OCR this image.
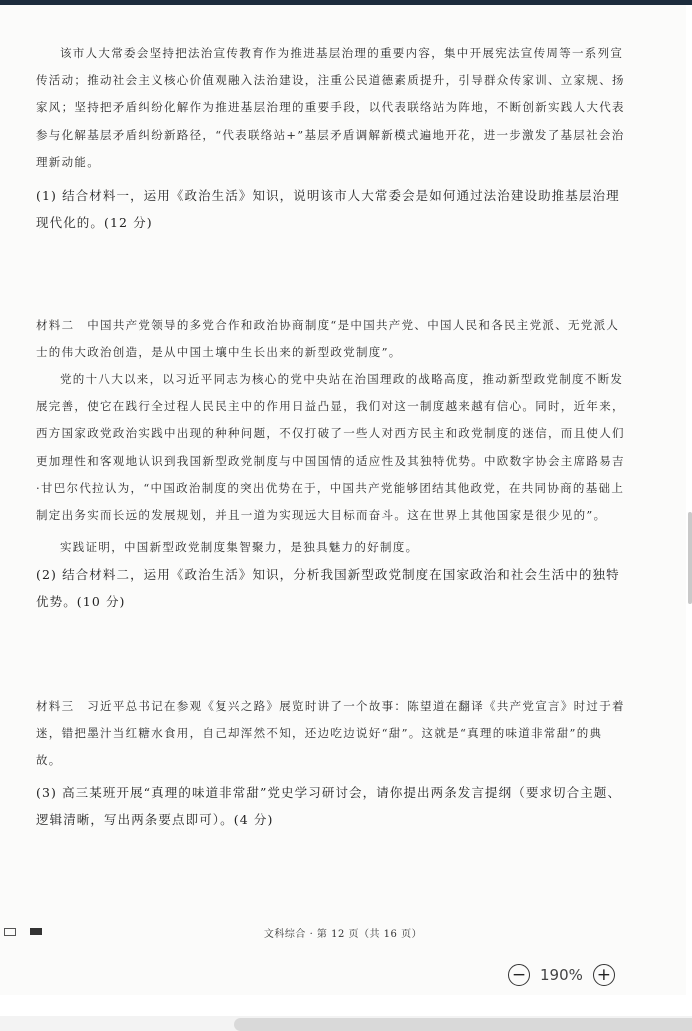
该市人大常委会坚持把法治宣传教育作为推进基层治理的重要内容，集中开展宪法宣传周等一系列宣传活动；推动社会主义核心价值观融入法治建设，注重公民道德素质提升，引导群众传家训、立家规、扬家风；坚持把矛盾纠纷化解作为推进基层治理的重要手段，以代表联络站为阵地，不断创新实践人大代表参与化解基层矛盾纠纷新路径，“代表联络站+”基层矛盾调解新模式遍地开花，进一步激发了基层社会治理新动能。

(1) 结合材料一，运用《政治生活》知识，说明该市人大常委会是如何通过法治建设助推基层治理现代化的。(12 分)

材料二　 中国共产党领导的多党合作和政治协商制度“是中国共产党、中国人民和各民主党派、无党派人士的伟大政治创造，是从中国土壤中生长出来的新型政党制度”。

党的十八大以来，以习近平同志为核心的党中央站在治国理政的战略高度，推动新型政党制度不断发展完善，使它在践行全过程人民民主中的作用日益凸显，我们对这一制度越来越有信心。同时，近年来，西方国家政党政治实践中出现的种种问题，不仅打破了一些人对西方民主和政党制度的迷信，而且使人们更加理性和客观地认识到我国新型政党制度与中国国情的适应性及其独特优势。中欧数字协会主席路易吉·甘巴尔代拉认为，“中国政治制度的突出优势在于，中国共产党能够团结其他政党，在共同协商的基础上制定出务实而长远的发展规划，并且一道为实现远大目标而奋斗。这在世界上其他国家是很少见的”。

实践证明，中国新型政党制度集智聚力，是独具魅力的好制度。

(2) 结合材料二，运用《政治生活》知识，分析我国新型政党制度在国家政治和社会生活中的独特优势。(10 分)

材料三　 习近平总书记在参观《复兴之路》展览时讲了一个故事：陈望道在翻译《共产党宣言》时过于着迷，错把墨汁当红糖水食用，自己却浑然不知，还边吃边说好“甜”。这就是“真理的味道非常甜”的典故。

(3) 高三某班开展“真理的味道非常甜”党史学习研讨会，请你提出两条发言提纲（要求切合主题、逻辑清晰，写出两条要点即可）。(4 分)

文科综合 · 第 12 页（共 16 页）
− 190% +
